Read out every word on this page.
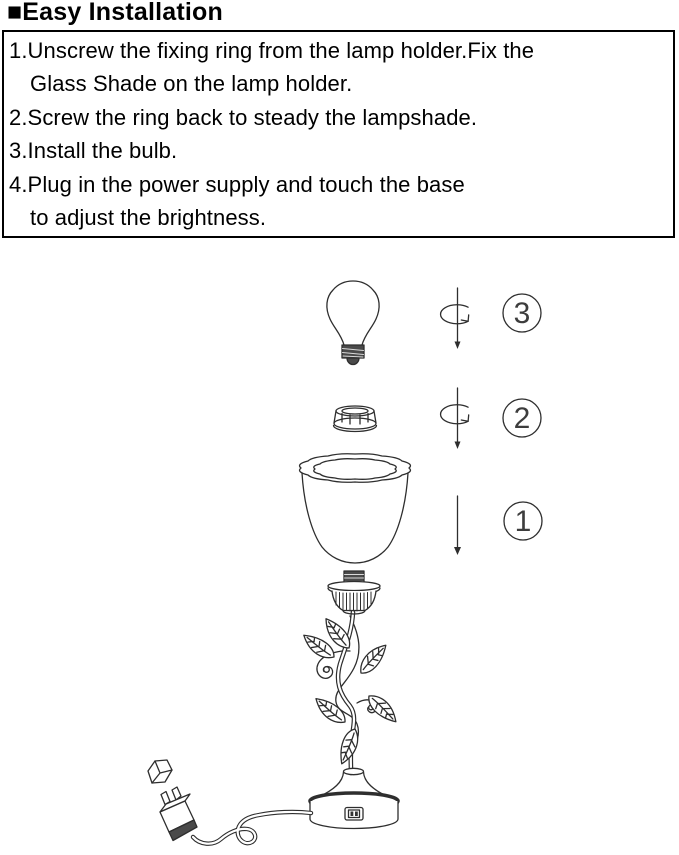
■Easy Installation
1.Unscrew the fixing ring from the lamp holder.Fix the
Glass Shade on the lamp holder.
2.Screw the ring back to steady the lampshade.
3.Install the bulb.
4.Plug in the power supply and touch the base
to adjust the brightness.
3
2
1
